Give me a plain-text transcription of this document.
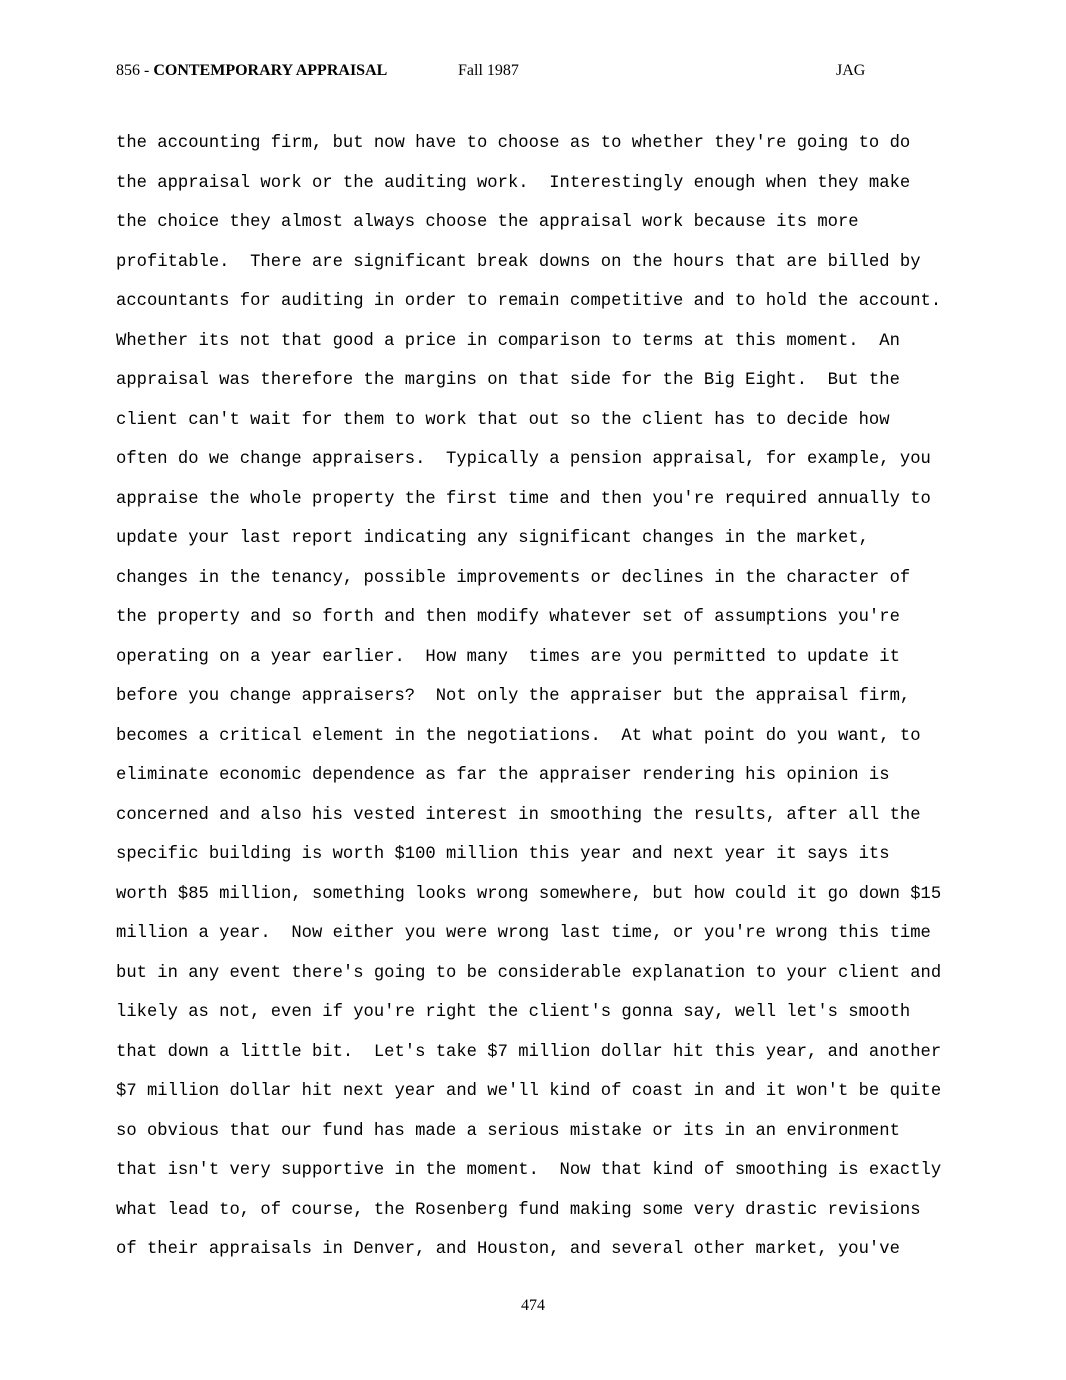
856 - CONTEMPORARY APPRAISAL	Fall 1987	JAG
the accounting firm, but now have to choose as to whether they're going to do
the appraisal work or the auditing work.  Interestingly enough when they make
the choice they almost always choose the appraisal work because its more
profitable.  There are significant break downs on the hours that are billed by
accountants for auditing in order to remain competitive and to hold the account.
Whether its not that good a price in comparison to terms at this moment.  An
appraisal was therefore the margins on that side for the Big Eight.  But the
client can't wait for them to work that out so the client has to decide how
often do we change appraisers.  Typically a pension appraisal, for example, you
appraise the whole property the first time and then you're required annually to
update your last report indicating any significant changes in the market,
changes in the tenancy, possible improvements or declines in the character of
the property and so forth and then modify whatever set of assumptions you're
operating on a year earlier.  How many  times are you permitted to update it
before you change appraisers?  Not only the appraiser but the appraisal firm,
becomes a critical element in the negotiations.  At what point do you want, to
eliminate economic dependence as far the appraiser rendering his opinion is
concerned and also his vested interest in smoothing the results, after all the
specific building is worth $100 million this year and next year it says its
worth $85 million, something looks wrong somewhere, but how could it go down $15
million a year.  Now either you were wrong last time, or you're wrong this time
but in any event there's going to be considerable explanation to your client and
likely as not, even if you're right the client's gonna say, well let's smooth
that down a little bit.  Let's take $7 million dollar hit this year, and another
$7 million dollar hit next year and we'll kind of coast in and it won't be quite
so obvious that our fund has made a serious mistake or its in an environment
that isn't very supportive in the moment.  Now that kind of smoothing is exactly
what lead to, of course, the Rosenberg fund making some very drastic revisions
of their appraisals in Denver, and Houston, and several other market, you've
474
